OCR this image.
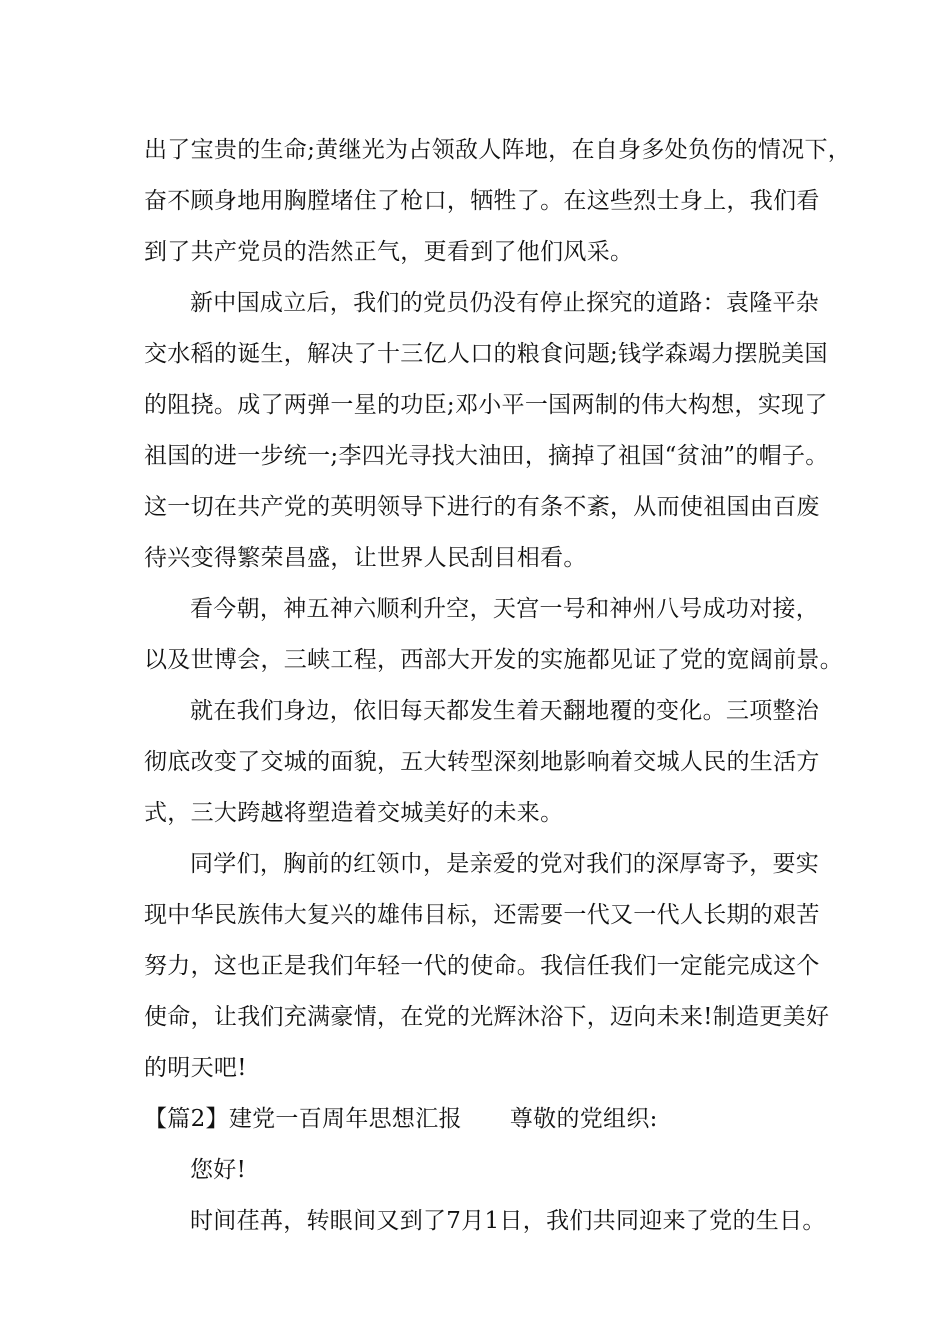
出了宝贵的生命;黄继光为占领敌人阵地，在自身多处负伤的情况下，
奋不顾身地用胸膛堵住了枪口，牺牲了。在这些烈士身上，我们看
到了共产党员的浩然正气，更看到了他们风采。
新中国成立后，我们的党员仍没有停止探究的道路：袁隆平杂
交水稻的诞生，解决了十三亿人口的粮食问题;钱学森竭力摆脱美国
的阻挠。成了两弹一星的功臣;邓小平一国两制的伟大构想，实现了
祖国的进一步统一;李四光寻找大油田，摘掉了祖国“贫油”的帽子。
这一切在共产党的英明领导下进行的有条不紊，从而使祖国由百废
待兴变得繁荣昌盛，让世界人民刮目相看。
看今朝，神五神六顺利升空，天宫一号和神州八号成功对接，
以及世博会，三峡工程，西部大开发的实施都见证了党的宽阔前景。
就在我们身边，依旧每天都发生着天翻地覆的变化。三项整治
彻底改变了交城的面貌，五大转型深刻地影响着交城人民的生活方
式，三大跨越将塑造着交城美好的未来。
同学们，胸前的红领巾，是亲爱的党对我们的深厚寄予，要实
现中华民族伟大复兴的雄伟目标，还需要一代又一代人长期的艰苦
努力，这也正是我们年轻一代的使命。我信任我们一定能完成这个
使命，让我们充满豪情，在党的光辉沐浴下，迈向未来!制造更美好
的明天吧!
【篇2】建党一百周年思想汇报 尊敬的党组织:
您好!
时间荏苒，转眼间又到了7月1日，我们共同迎来了党的生日。
